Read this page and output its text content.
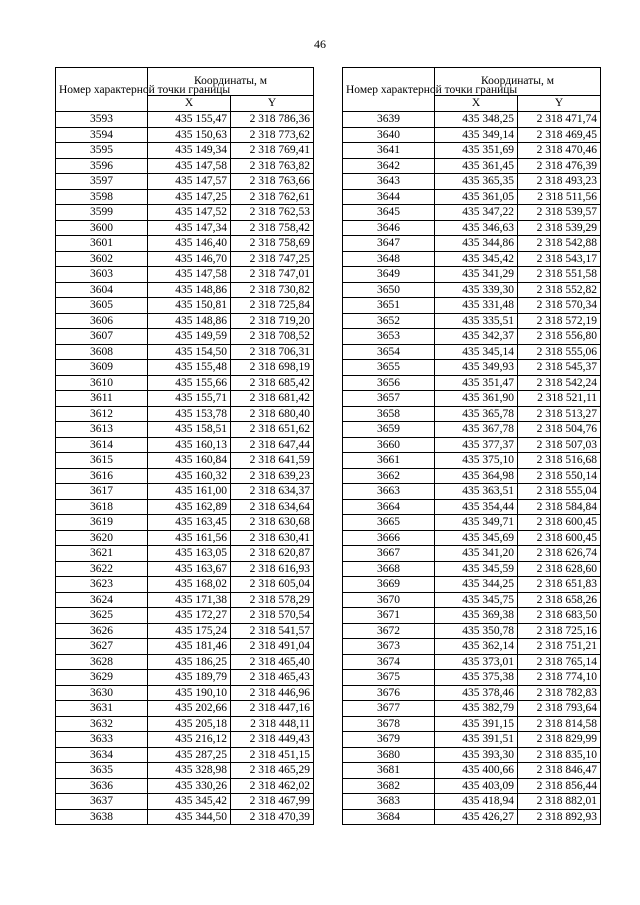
46
Номер характерной точки границы	Координаты, м	
	X	Y
3593	435 155,47	2 318 786,36
3594	435 150,63	2 318 773,62
3595	435 149,34	2 318 769,41
3596	435 147,58	2 318 763,82
3597	435 147,57	2 318 763,66
3598	435 147,25	2 318 762,61
3599	435 147,52	2 318 762,53
3600	435 147,34	2 318 758,42
3601	435 146,40	2 318 758,69
3602	435 146,70	2 318 747,25
3603	435 147,58	2 318 747,01
3604	435 148,86	2 318 730,82
3605	435 150,81	2 318 725,84
3606	435 148,86	2 318 719,20
3607	435 149,59	2 318 708,52
3608	435 154,50	2 318 706,31
3609	435 155,48	2 318 698,19
3610	435 155,66	2 318 685,42
3611	435 155,71	2 318 681,42
3612	435 153,78	2 318 680,40
3613	435 158,51	2 318 651,62
3614	435 160,13	2 318 647,44
3615	435 160,84	2 318 641,59
3616	435 160,32	2 318 639,23
3617	435 161,00	2 318 634,37
3618	435 162,89	2 318 634,64
3619	435 163,45	2 318 630,68
3620	435 161,56	2 318 630,41
3621	435 163,05	2 318 620,87
3622	435 163,67	2 318 616,93
3623	435 168,02	2 318 605,04
3624	435 171,38	2 318 578,29
3625	435 172,27	2 318 570,54
3626	435 175,24	2 318 541,57
3627	435 181,46	2 318 491,04
3628	435 186,25	2 318 465,40
3629	435 189,79	2 318 465,43
3630	435 190,10	2 318 446,96
3631	435 202,66	2 318 447,16
3632	435 205,18	2 318 448,11
3633	435 216,12	2 318 449,43
3634	435 287,25	2 318 451,15
3635	435 328,98	2 318 465,29
3636	435 330,26	2 318 462,02
3637	435 345,42	2 318 467,99
3638	435 344,50	2 318 470,39
Номер характерной точки границы	Координаты, м	
	X	Y
3639	435 348,25	2 318 471,74
3640	435 349,14	2 318 469,45
3641	435 351,69	2 318 470,46
3642	435 361,45	2 318 476,39
3643	435 365,35	2 318 493,23
3644	435 361,05	2 318 511,56
3645	435 347,22	2 318 539,57
3646	435 346,63	2 318 539,29
3647	435 344,86	2 318 542,88
3648	435 345,42	2 318 543,17
3649	435 341,29	2 318 551,58
3650	435 339,30	2 318 552,82
3651	435 331,48	2 318 570,34
3652	435 335,51	2 318 572,19
3653	435 342,37	2 318 556,80
3654	435 345,14	2 318 555,06
3655	435 349,93	2 318 545,37
3656	435 351,47	2 318 542,24
3657	435 361,90	2 318 521,11
3658	435 365,78	2 318 513,27
3659	435 367,78	2 318 504,76
3660	435 377,37	2 318 507,03
3661	435 375,10	2 318 516,68
3662	435 364,98	2 318 550,14
3663	435 363,51	2 318 555,04
3664	435 354,44	2 318 584,84
3665	435 349,71	2 318 600,45
3666	435 345,69	2 318 600,45
3667	435 341,20	2 318 626,74
3668	435 345,59	2 318 628,60
3669	435 344,25	2 318 651,83
3670	435 345,75	2 318 658,26
3671	435 369,38	2 318 683,50
3672	435 350,78	2 318 725,16
3673	435 362,14	2 318 751,21
3674	435 373,01	2 318 765,14
3675	435 375,38	2 318 774,10
3676	435 378,46	2 318 782,83
3677	435 382,79	2 318 793,64
3678	435 391,15	2 318 814,58
3679	435 391,51	2 318 829,99
3680	435 393,30	2 318 835,10
3681	435 400,66	2 318 846,47
3682	435 403,09	2 318 856,44
3683	435 418,94	2 318 882,01
3684	435 426,27	2 318 892,93
